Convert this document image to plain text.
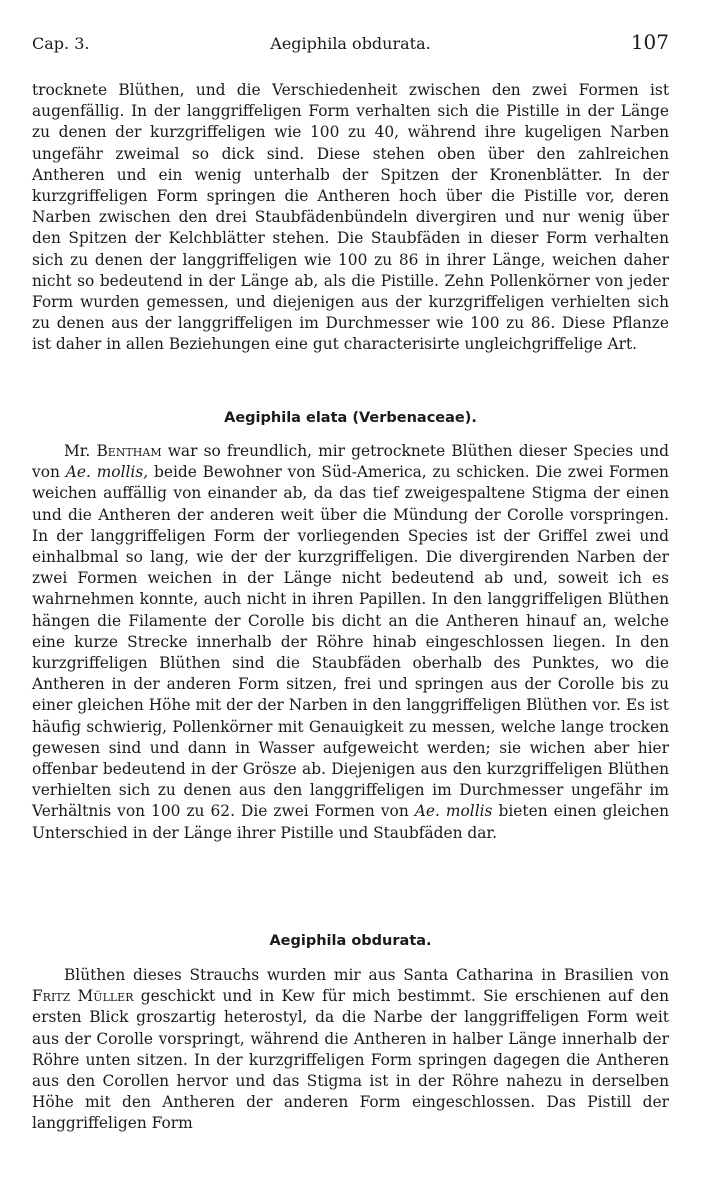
Cap. 3.	Aegiphila obdurata.	107

trocknete Blüthen, und die Verschiedenheit zwischen den zwei Formen ist augenfällig. In der langgriffeligen Form verhalten sich die Pistille in der Länge zu denen der kurzgriffeligen wie 100 zu 40, während ihre kugeligen Narben ungefähr zweimal so dick sind. Diese stehen oben über den zahlreichen Antheren und ein wenig unterhalb der Spitzen der Kronenblätter. In der kurzgriffeligen Form springen die Antheren hoch über die Pistille vor, deren Narben zwischen den drei Staubfädenbündeln divergiren und nur wenig über den Spitzen der Kelchblätter stehen. Die Staubfäden in dieser Form verhalten sich zu denen der langgriffeligen wie 100 zu 86 in ihrer Länge, weichen daher nicht so bedeutend in der Länge ab, als die Pistille. Zehn Pollenkörner von jeder Form wurden gemessen, und diejenigen aus der kurzgriffeligen verhielten sich zu denen aus der langgriffeligen im Durchmesser wie 100 zu 86. Diese Pflanze ist daher in allen Beziehungen eine gut characterisirte ungleichgriffelige Art.

Aegiphila elata (Verbenaceae).

Mr. Bentham war so freundlich, mir getrocknete Blüthen dieser Species und von Ae. mollis, beide Bewohner von Süd-America, zu schicken. Die zwei Formen weichen auffällig von einander ab, da das tief zweigespaltene Stigma der einen und die Antheren der anderen weit über die Mündung der Corolle vorspringen. In der langgriffeligen Form der vorliegenden Species ist der Griffel zwei und einhalbmal so lang, wie der der kurzgriffeligen. Die divergirenden Narben der zwei Formen weichen in der Länge nicht bedeutend ab und, soweit ich es wahrnehmen konnte, auch nicht in ihren Papillen. In den langgriffeligen Blüthen hängen die Filamente der Corolle bis dicht an die Antheren hinauf an, welche eine kurze Strecke innerhalb der Röhre hinab eingeschlossen liegen. In den kurzgriffeligen Blüthen sind die Staubfäden oberhalb des Punktes, wo die Antheren in der anderen Form sitzen, frei und springen aus der Corolle bis zu einer gleichen Höhe mit der der Narben in den langgriffeligen Blüthen vor. Es ist häufig schwierig, Pollenkörner mit Genauigkeit zu messen, welche lange trocken gewesen sind und dann in Wasser aufgeweicht werden; sie wichen aber hier offenbar bedeutend in der Grösze ab. Diejenigen aus den kurzgriffeligen Blüthen verhielten sich zu denen aus den langgriffeligen im Durchmesser ungefähr im Verhältnis von 100 zu 62. Die zwei Formen von Ae. mollis bieten einen gleichen Unterschied in der Länge ihrer Pistille und Staubfäden dar.

Aegiphila obdurata.

Blüthen dieses Strauchs wurden mir aus Santa Catharina in Brasilien von Fritz Müller geschickt und in Kew für mich bestimmt. Sie erschienen auf den ersten Blick groszartig heterostyl, da die Narbe der langgriffeligen Form weit aus der Corolle vorspringt, während die Antheren in halber Länge innerhalb der Röhre unten sitzen. In der kurzgriffeligen Form springen dagegen die Antheren aus den Corollen hervor und das Stigma ist in der Röhre nahezu in derselben Höhe mit den Antheren der anderen Form eingeschlossen. Das Pistill der langgriffeligen Form
